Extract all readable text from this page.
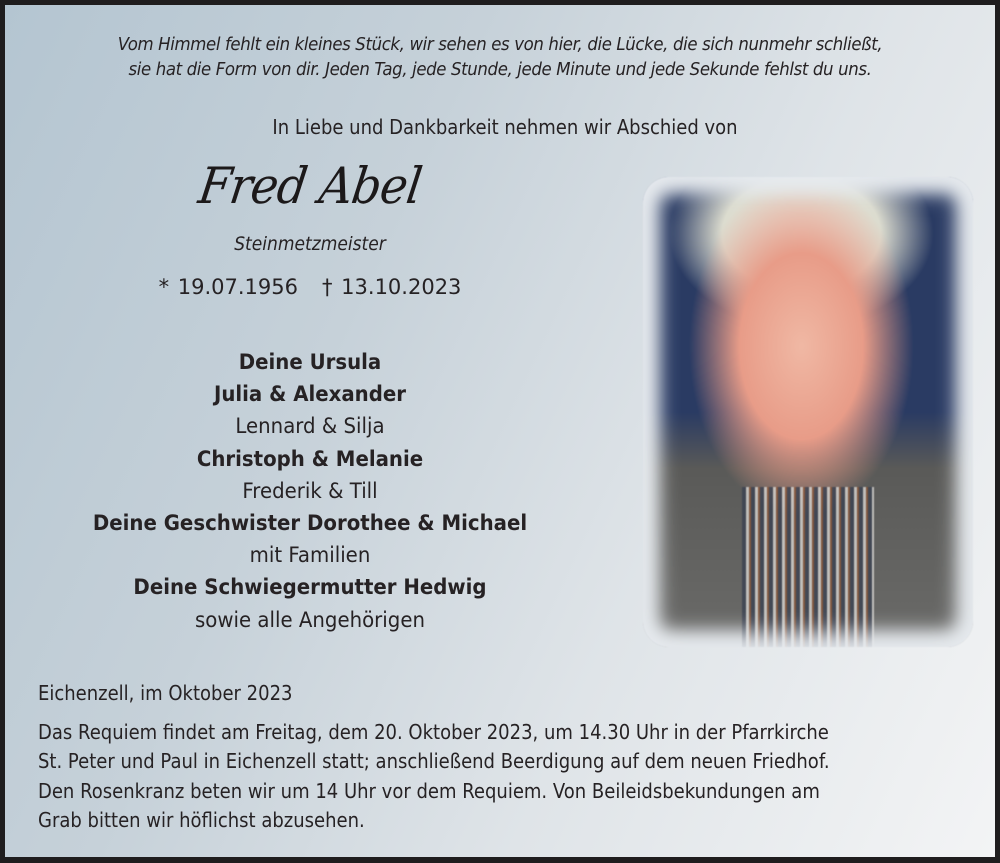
Vom Himmel fehlt ein kleines Stück, wir sehen es von hier, die Lücke, die sich nunmehr schließt,
sie hat die Form von dir. Jeden Tag, jede Stunde, jede Minute und jede Sekunde fehlst du uns.
In Liebe und Dankbarkeit nehmen wir Abschied von
Fred Abel
Steinmetzmeister
* 19.07.1956 † 13.10.2023
Deine Ursula
Julia & Alexander
Lennard & Silja
Christoph & Melanie
Frederik & Till
Deine Geschwister Dorothee & Michael
mit Familien
Deine Schwiegermutter Hedwig
sowie alle Angehörigen
Eichenzell, im Oktober 2023
Das Requiem findet am Freitag, dem 20. Oktober 2023, um 14.30 Uhr in der Pfarrkirche
St. Peter und Paul in Eichenzell statt; anschließend Beerdigung auf dem neuen Friedhof.
Den Rosenkranz beten wir um 14 Uhr vor dem Requiem. Von Beileidsbekundungen am
Grab bitten wir höflichst abzusehen.
